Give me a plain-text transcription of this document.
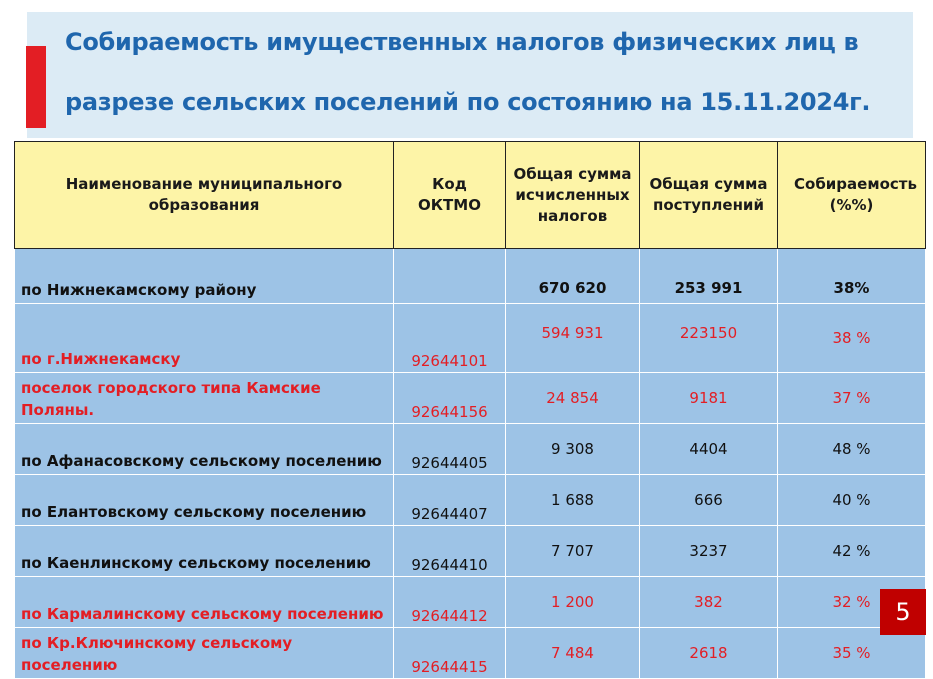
Собираемость имущественных налогов физических лиц в
разрезе сельских поселений по состоянию на 15.11.2024г.
Наименование муниципального образования	Код ОКТМО	Общая сумма исчисленных налогов	Общая сумма поступлений	Собираемость (%%)
по Нижнекамскому району		670 620	253 991	38%
по г.Нижнекамску	92644101	594 931	223150	38 %
поселок городского типа Камские Поляны.	92644156	24 854	9181	37 %
по Афанасовскому сельскому поселению	92644405	9 308	4404	48 %
по Елантовскому сельскому поселению	92644407	1 688	666	40 %
по Каенлинскому сельскому поселению	92644410	7 707	3237	42 %
по Кармалинскому сельскому поселению	92644412	1 200	382	32 %
по Кр.Ключинскому сельскому поселению	92644415	7 484	2618	35 %
5
